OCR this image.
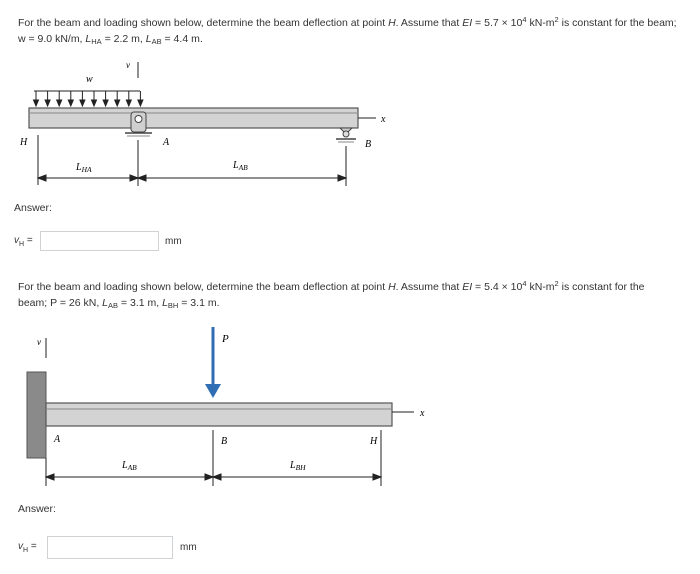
For the beam and loading shown below, determine the beam deflection at point H. Assume that EI = $5.7 \times 10^4$ $kN-m^2$ is constant for the beam;
w = 9.0 kN/m, $L_{HA} = 2.2$ m, $L_{AB} = 4.4$ m.
w
v
x
A	B
H
$L_{HA}$	$L_{AB}$
Answer:
$v_H$ =	mm
For the beam and loading shown below, determine the beam deflection at point H. Assume that EI = $5.4 \times 10^4$ $kN-m^2$ is constant for the
beam; P = 26 kN, $L_{AB} = 3.1$ m, $L_{BH} = 3.1$ m.
v
x
P
A	B	H
$L_{AB}$	$L_{BH}$
Answer:
$v_H$ =	mm
